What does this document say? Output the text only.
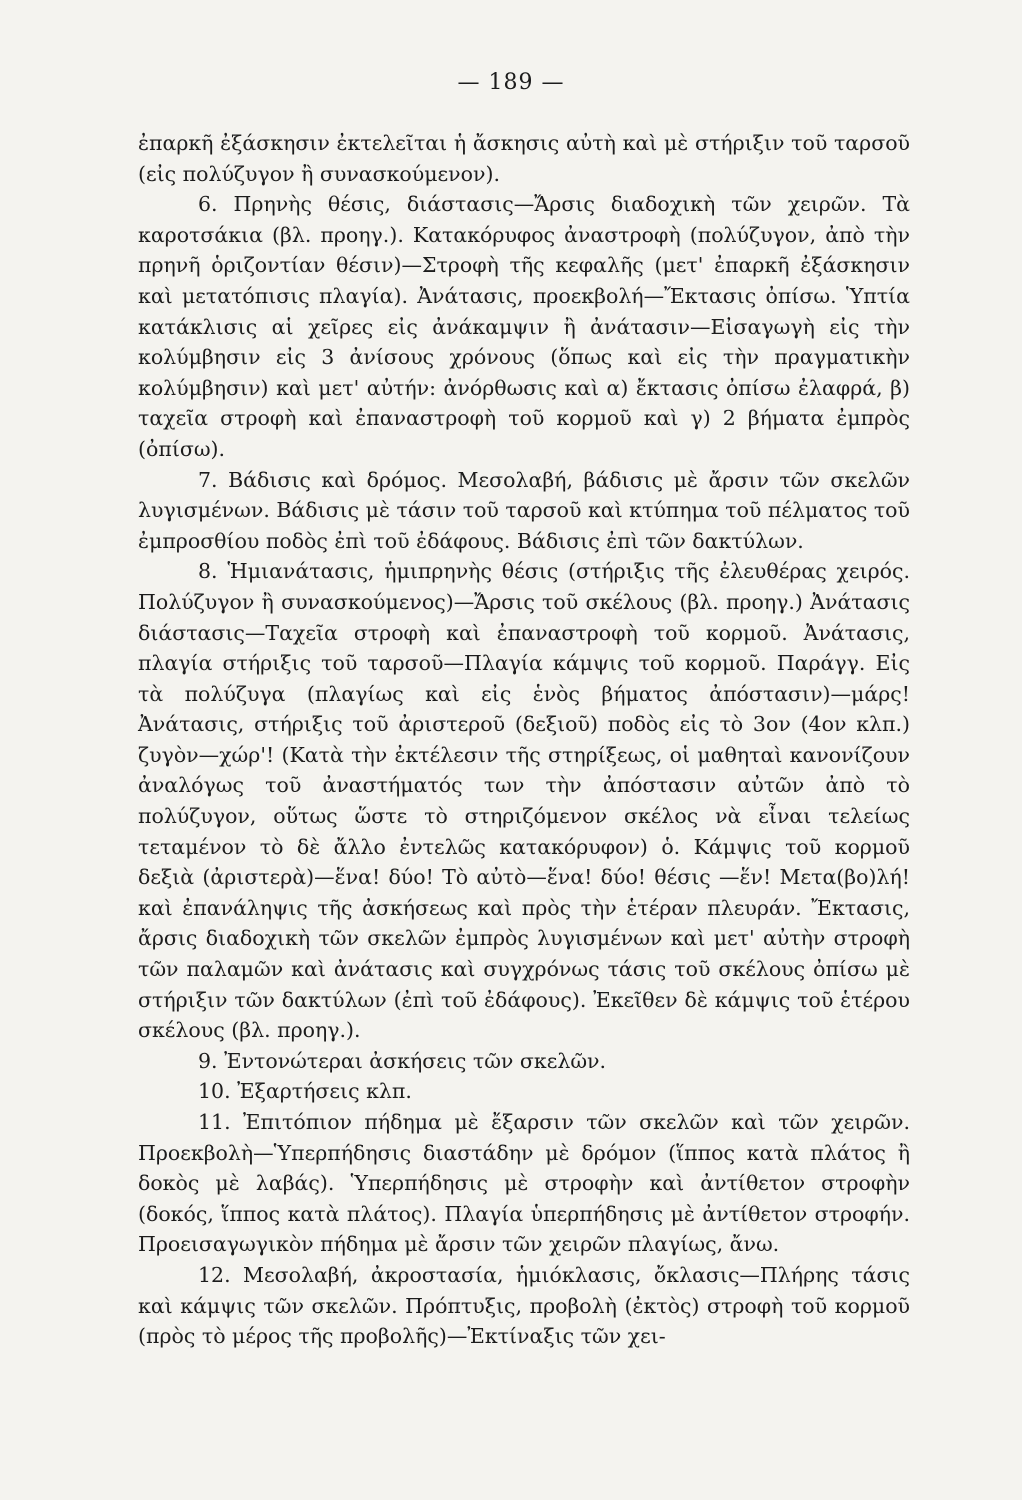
— 189 —

ἐπαρκῆ ἐξάσκησιν ἐκτελεῖται ἡ ἄσκησις αὐτὴ καὶ μὲ στήριξιν τοῦ ταρσοῦ (εἰς πολύζυγον ἢ συνασκούμενον).

6. Πρηνὴς θέσις, διάστασις—Ἄρσις διαδοχικὴ τῶν χειρῶν. Τὰ καροτσάκια (βλ. προηγ.). Κατακόρυφος ἀναστροφὴ (πολύζυγον, ἀπὸ τὴν πρηνῆ ὁριζοντίαν θέσιν)—Στροφὴ τῆς κεφαλῆς (μετ' ἐπαρκῆ ἐξάσκησιν καὶ μετατόπισις πλαγία). Ἀνάτασις, προεκβολή—Ἔκτασις ὀπίσω. Ὑπτία κατάκλισις αἱ χεῖρες εἰς ἀνάκαμψιν ἢ ἀνάτασιν—Εἰσαγωγὴ εἰς τὴν κολύμβησιν εἰς 3 ἀνίσους χρόνους (ὅπως καὶ εἰς τὴν πραγματικὴν κολύμβησιν) καὶ μετ' αὐτήν: ἀνόρθωσις καὶ α) ἔκτασις ὀπίσω ἐλαφρά, β) ταχεῖα στροφὴ καὶ ἐπαναστροφὴ τοῦ κορμοῦ καὶ γ) 2 βήματα ἐμπρὸς (ὀπίσω).

7. Βάδισις καὶ δρόμος. Μεσολαβή, βάδισις μὲ ἄρσιν τῶν σκελῶν λυγισμένων. Βάδισις μὲ τάσιν τοῦ ταρσοῦ καὶ κτύπημα τοῦ πέλματος τοῦ ἐμπροσθίου ποδὸς ἐπὶ τοῦ ἐδάφους. Βάδισις ἐπὶ τῶν δακτύλων.

8. Ἡμιανάτασις, ἡμιπρηνὴς θέσις (στήριξις τῆς ἐλευθέρας χειρός. Πολύζυγον ἢ συνασκούμενος)—Ἄρσις τοῦ σκέλους (βλ. προηγ.) Ἀνάτασις διάστασις—Ταχεῖα στροφὴ καὶ ἐπαναστροφὴ τοῦ κορμοῦ. Ἀνάτασις, πλαγία στήριξις τοῦ ταρσοῦ—Πλαγία κάμψις τοῦ κορμοῦ. Παράγγ. Εἰς τὰ πολύζυγα (πλαγίως καὶ εἰς ἑνὸς βήματος ἀπόστασιν)—μάρς! Ἀνάτασις, στήριξις τοῦ ἀριστεροῦ (δεξιοῦ) ποδὸς εἰς τὸ 3ον (4ον κλπ.) ζυγὸν—χώρ'! (Κατὰ τὴν ἐκτέλεσιν τῆς στηρίξεως, οἱ μαθηταὶ κανονίζουν ἀναλόγως τοῦ ἀναστήματός των τὴν ἀπόστασιν αὐτῶν ἀπὸ τὸ πολύζυγον, οὕτως ὥστε τὸ στηριζόμενον σκέλος νὰ εἶναι τελείως τεταμένον τὸ δὲ ἄλλο ἐντελῶς κατακόρυφον) ὁ. Κάμψις τοῦ κορμοῦ δεξιὰ (ἀριστερὰ)—ἕνα! δύο! Τὸ αὐτὸ—ἕνα! δύο! θέσις —ἕν! Μετα(βο)λή! καὶ ἐπανάληψις τῆς ἀσκήσεως καὶ πρὸς τὴν ἑτέραν πλευράν. Ἔκτασις, ἄρσις διαδοχικὴ τῶν σκελῶν ἐμπρὸς λυγισμένων καὶ μετ' αὐτὴν στροφὴ τῶν παλαμῶν καὶ ἀνάτασις καὶ συγχρόνως τάσις τοῦ σκέλους ὀπίσω μὲ στήριξιν τῶν δακτύλων (ἐπὶ τοῦ ἐδάφους). Ἐκεῖθεν δὲ κάμψις τοῦ ἑτέρου σκέλους (βλ. προηγ.).

9. Ἐντονώτεραι ἀσκήσεις τῶν σκελῶν.

10. Ἐξαρτήσεις κλπ.

11. Ἐπιτόπιον πήδημα μὲ ἔξαρσιν τῶν σκελῶν καὶ τῶν χειρῶν. Προεκβολὴ—Ὑπερπήδησις διαστάδην μὲ δρόμον (ἵππος κατὰ πλάτος ἢ δοκὸς μὲ λαβάς). Ὑπερπήδησις μὲ στροφὴν καὶ ἀντίθετον στροφὴν (δοκός, ἵππος κατὰ πλάτος). Πλαγία ὑπερπήδησις μὲ ἀντίθετον στροφήν. Προεισαγωγικὸν πήδημα μὲ ἄρσιν τῶν χειρῶν πλαγίως, ἄνω.

12. Μεσολαβή, ἀκροστασία, ἡμιόκλασις, ὄκλασις—Πλήρης τάσις καὶ κάμψις τῶν σκελῶν. Πρόπτυξις, προβολὴ (ἐκτὸς) στροφὴ τοῦ κορμοῦ (πρὸς τὸ μέρος τῆς προβολῆς)—Ἐκτίναξις τῶν χει-
